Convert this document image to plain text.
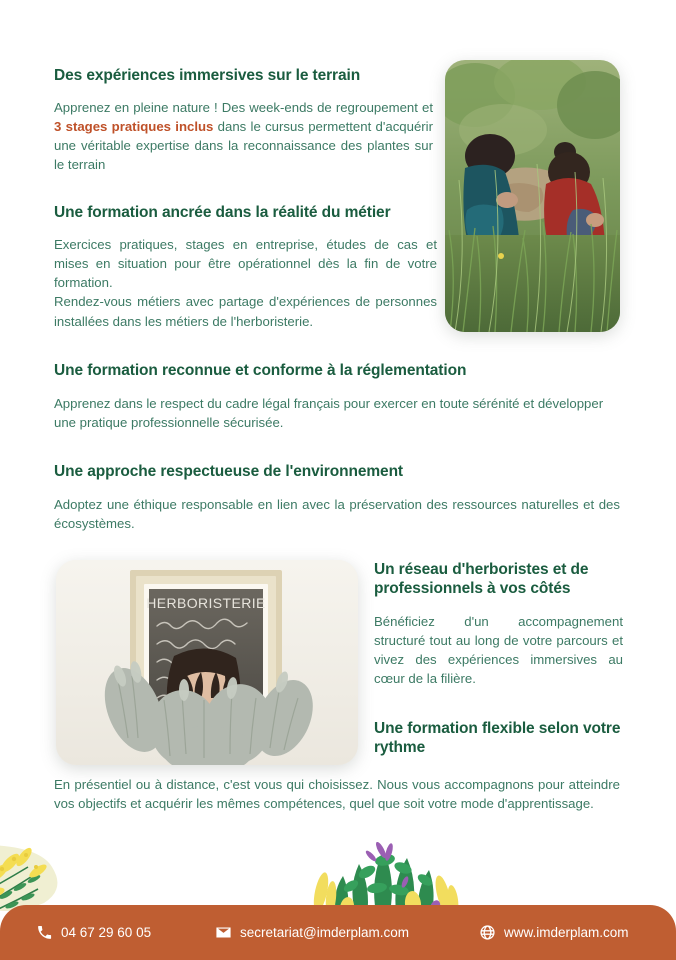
Des expériences immersives sur le terrain

Apprenez en pleine nature ! Des week-ends de regroupement et 3 stages pratiques inclus dans le cursus permettent d'acquérir une véritable expertise dans la reconnaissance des plantes sur le terrain

Une formation ancrée dans la réalité du métier

Exercices pratiques, stages en entreprise, études de cas et mises en situation pour être opérationnel dès la fin de votre formation.
Rendez-vous métiers avec partage d'expériences de personnes installées dans les métiers de l'herboristerie.

Une formation reconnue et conforme à la réglementation

Apprenez dans le respect du cadre légal français pour exercer en toute sérénité et développer une pratique professionnelle sécurisée.

Une approche respectueuse de l'environnement

Adoptez une éthique responsable en lien avec la préservation des ressources naturelles et des écosystèmes.

Un réseau d'herboristes et de professionnels à vos côtés

Bénéficiez d'un accompagnement structuré tout au long de votre parcours et vivez des expériences immersives au cœur de la filière.

Une formation flexible selon votre rythme

En présentiel ou à distance, c'est vous qui choisissez. Nous vous accompagnons pour atteindre vos objectifs et acquérir les mêmes compétences, quel que soit votre mode d'apprentissage.

HERBORISTERIE
04 67 29 60 05	secretariat@imderplam.com	www.imderplam.com
